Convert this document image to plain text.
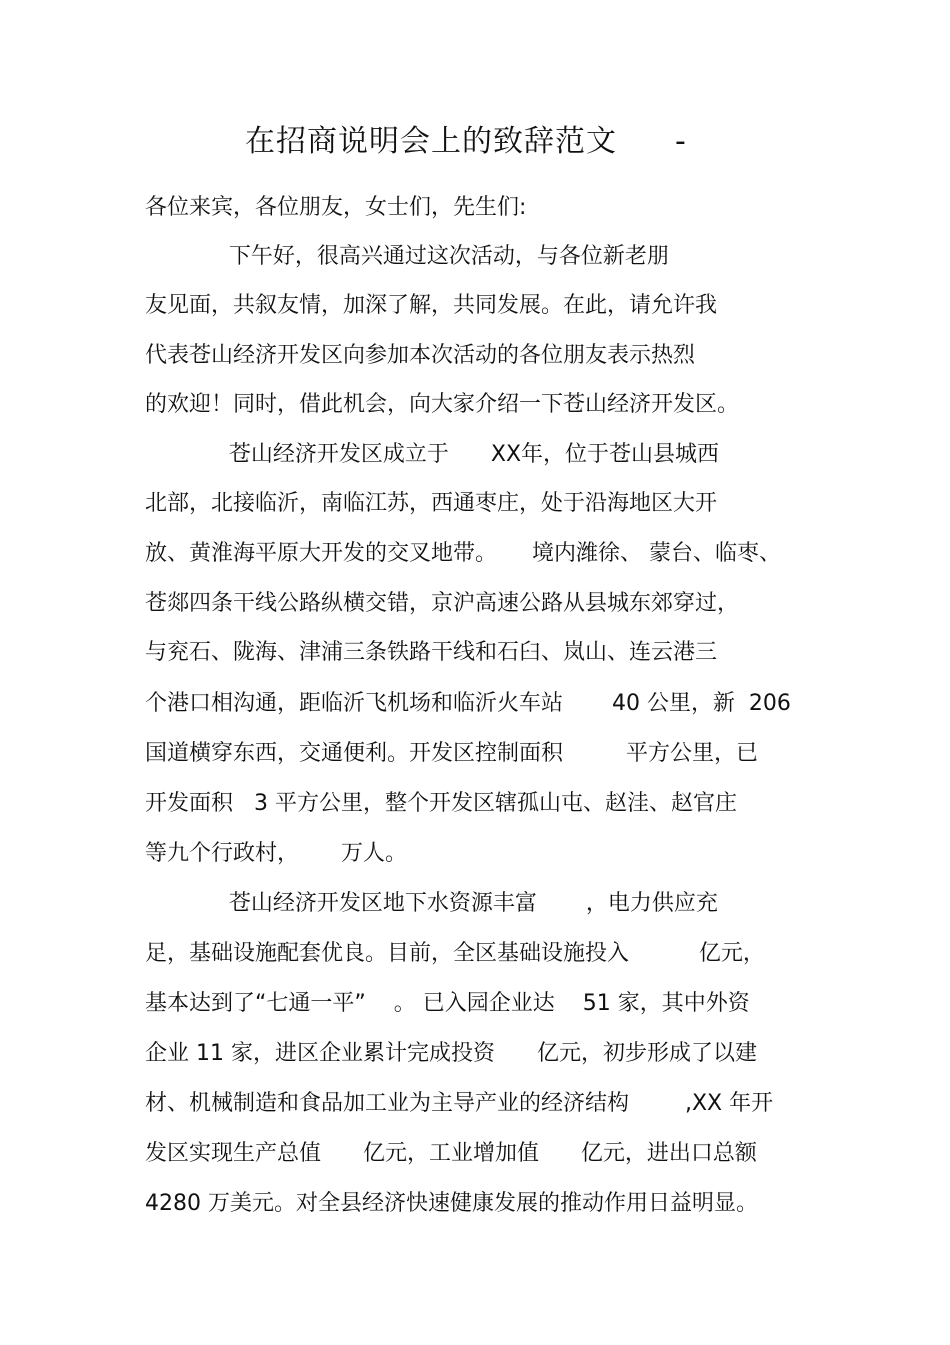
在招商说明会上的致辞范文 -
各位来宾，各位朋友，女士们，先生们:
下午好，很高兴通过这次活动，与各位新老朋
友见面，共叙友情，加深了解，共同发展。在此，请允许我
代表苍山经济开发区向参加本次活动的各位朋友表示热烈
的欢迎！同时，借此机会，向大家介绍一下苍山经济开发区。
苍山经济开发区成立于      XX年，位于苍山县城西
北部，北接临沂，南临江苏，西通枣庄，处于沿海地区大开
放、黄淮海平原大开发的交叉地带。     境内潍徐、 蒙台、临枣、
苍郯四条干线公路纵横交错，京沪高速公路从县城东郊穿过，
与兖石、陇海、津浦三条铁路干线和石臼、岚山、连云港三
个港口相沟通，距临沂飞机场和临沂火车站       40 公里，新  206
国道横穿东西，交通便利。开发区控制面积         平方公里，已
开发面积   3 平方公里，整个开发区辖孤山屯、赵洼、赵官庄
等九个行政村，      万人。
苍山经济开发区地下水资源丰富       ，电力供应充
足，基础设施配套优良。目前，全区基础设施投入          亿元，
基本达到了“七通一平”    。 已入园企业达    51 家，其中外资
企业 11 家，进区企业累计完成投资      亿元，初步形成了以建
材、机械制造和食品加工业为主导产业的经济结构        ,XX 年开
发区实现生产总值      亿元，工业增加值      亿元，进出口总额
4280 万美元。对全县经济快速健康发展的推动作用日益明显。
